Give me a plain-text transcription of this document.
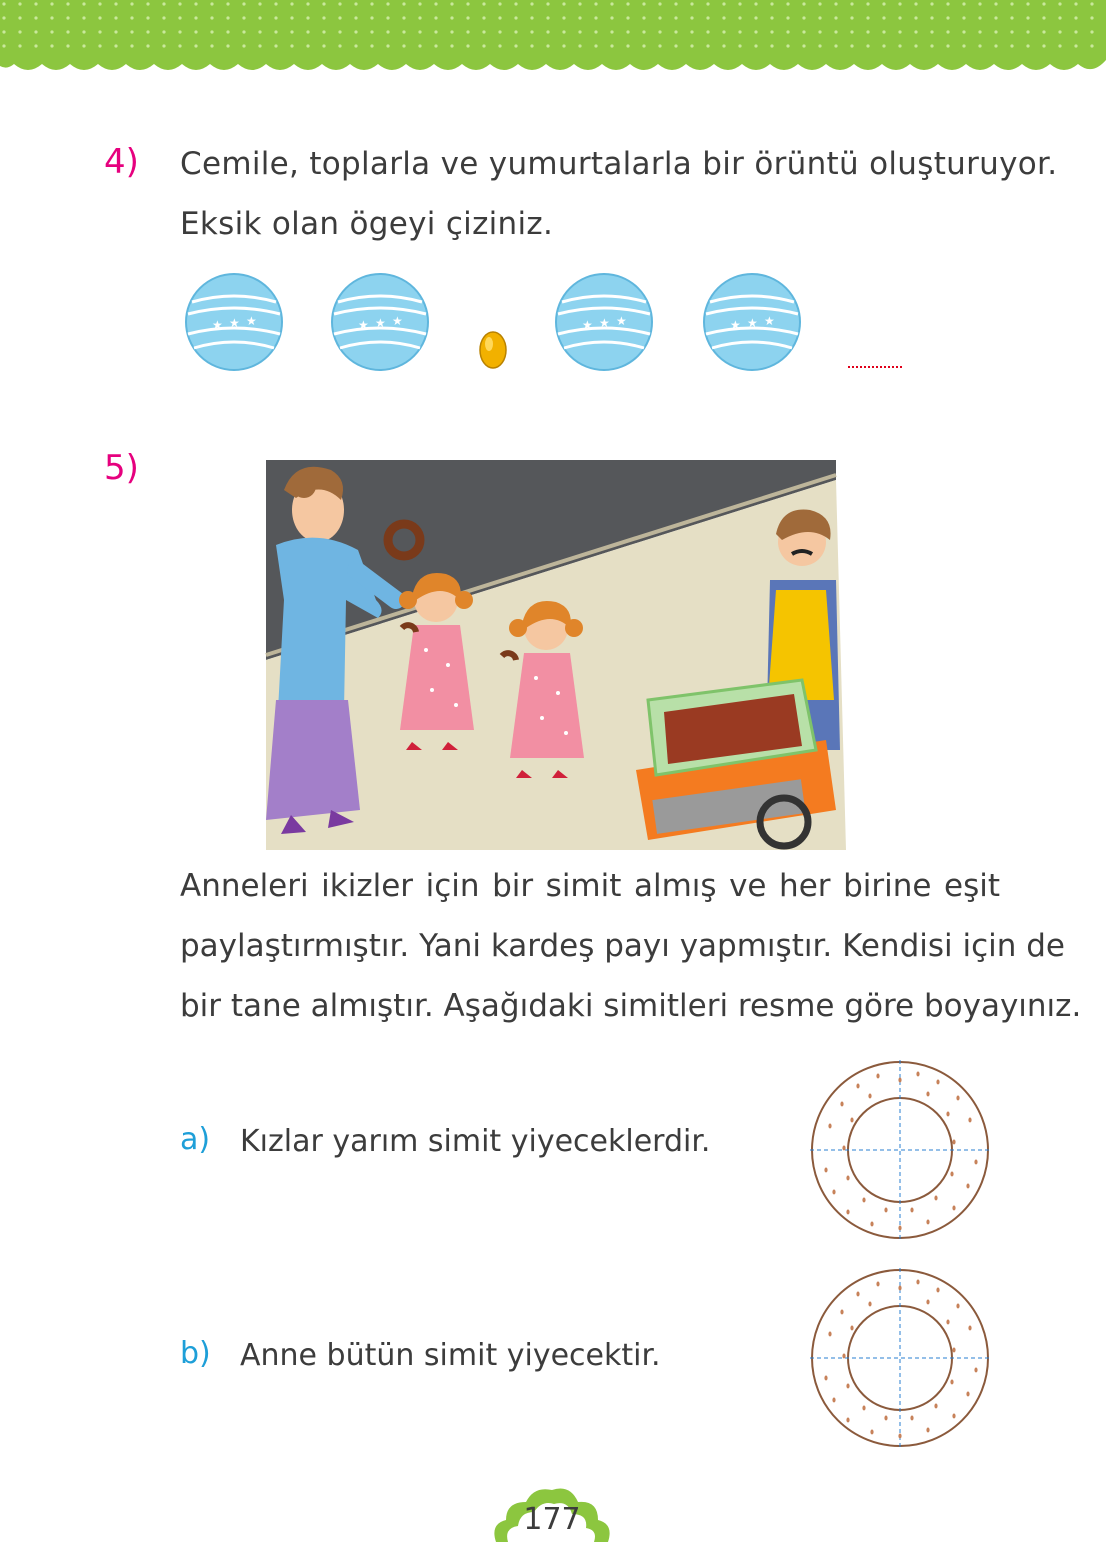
4) Cemile, toplarla ve yumurtalarla bir örüntü oluşturuyor.
Eksik olan ögeyi çiziniz.
★ ★ ★	★ ★ ★	★ ★ ★	★ ★ ★
5)
Anneleri ikizler için bir simit almış ve her birine eşit
paylaştırmıştır. Yani kardeş payı yapmıştır. Kendisi için de
bir tane almıştır. Aşağıdaki simitleri resme göre boyayınız.
a) Kızlar yarım simit yiyeceklerdir.
b) Anne bütün simit yiyecektir.
177
